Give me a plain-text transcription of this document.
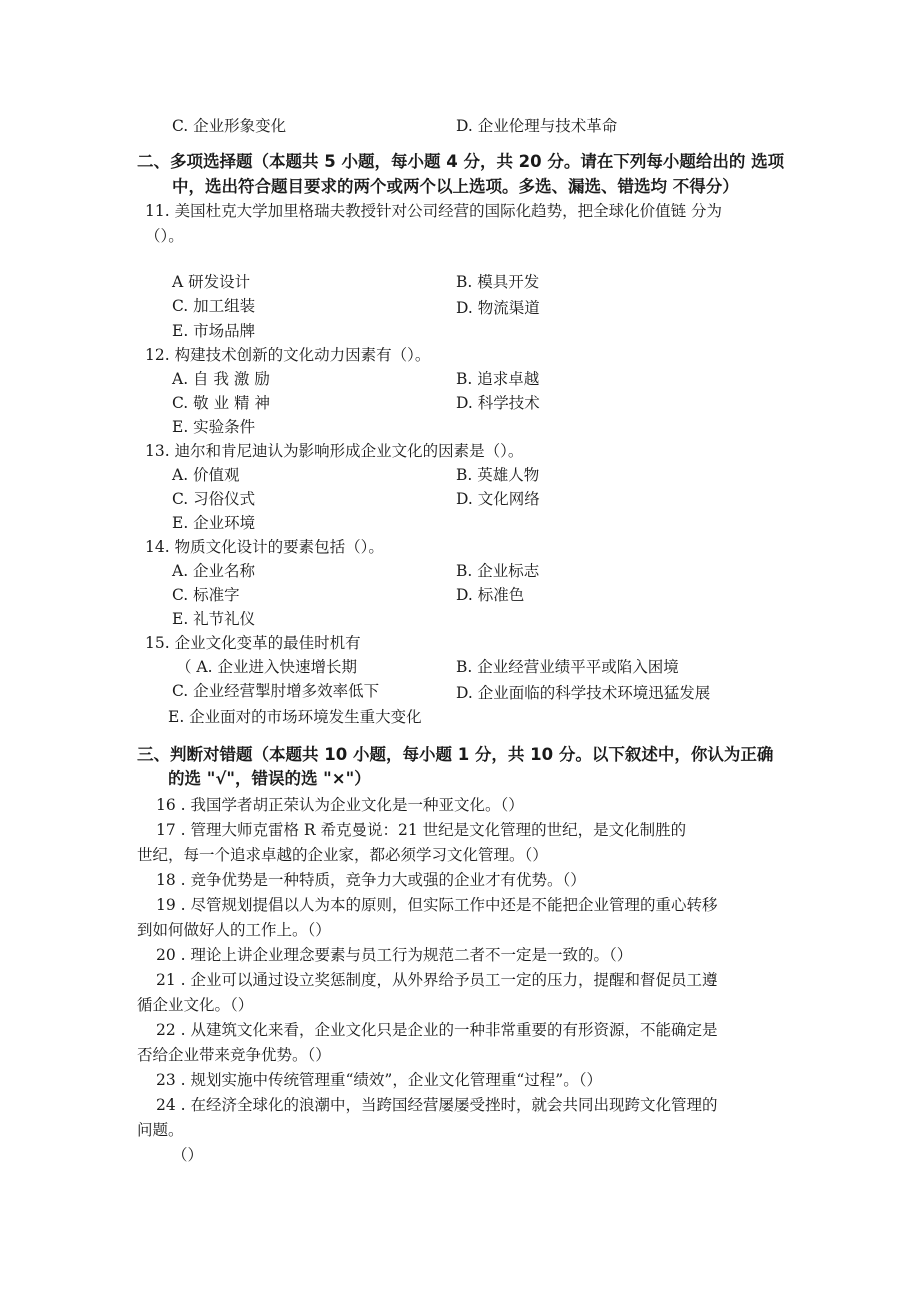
C. 企业形象变化	D. 企业伦理与技术革命
二、多项选择题（本题共 5 小题，每小题 4 分，共 20 分。请在下列每小题给出的 选项
中，选出符合题目要求的两个或两个以上选项。多选、漏选、错选均 不得分）
11. 美国杜克大学加里格瑞夫教授针对公司经营的国际化趋势，把全球化价值链 分为
（）。
A 研发设计	B. 模具开发
C. 加工组装	D. 物流渠道
E. 市场品牌
12. 构建技术创新的文化动力因素有（）。
A. 自 我 激 励	B. 追求卓越
C. 敬 业 精 神	D. 科学技术
E. 实验条件
13. 迪尔和肯尼迪认为影响形成企业文化的因素是（）。
A. 价值观	B. 英雄人物
C. 习俗仪式	D. 文化网络
E. 企业环境
14. 物质文化设计的要素包括（）。
A. 企业名称	B. 企业标志
C. 标准字	D. 标准色
E. 礼节礼仪
15. 企业文化变革的最佳时机有
（ A. 企业进入快速增长期	B. 企业经营业绩平平或陷入困境
C. 企业经营掣肘增多效率低下	D. 企业面临的科学技术环境迅猛发展
E. 企业面对的市场环境发生重大变化
三、判断对错题（本题共 10 小题，每小题 1 分，共 10 分。以下叙述中，你认为正确
的选 "√"，错误的选 "×"）
16 . 我国学者胡正荣认为企业文化是一种亚文化。（）
17 . 管理大师克雷格 R 希克曼说：21 世纪是文化管理的世纪，是文化制胜的
世纪，每一个追求卓越的企业家，都必须学习文化管理。（）
18 . 竞争优势是一种特质，竞争力大或强的企业才有优势。（）
19 . 尽管规划提倡以人为本的原则，但实际工作中还是不能把企业管理的重心转移
到如何做好人的工作上。（）
20 . 理论上讲企业理念要素与员工行为规范二者不一定是一致的。（）
21 . 企业可以通过设立奖惩制度，从外界给予员工一定的压力，提醒和督促员工遵
循企业文化。（）
22 . 从建筑文化来看，企业文化只是企业的一种非常重要的有形资源，不能确定是
否给企业带来竞争优势。（）
23 . 规划实施中传统管理重“绩效”，企业文化管理重“过程”。（）
24 . 在经济全球化的浪潮中，当跨国经营屡屡受挫时，就会共同出现跨文化管理的
问题。
（）
